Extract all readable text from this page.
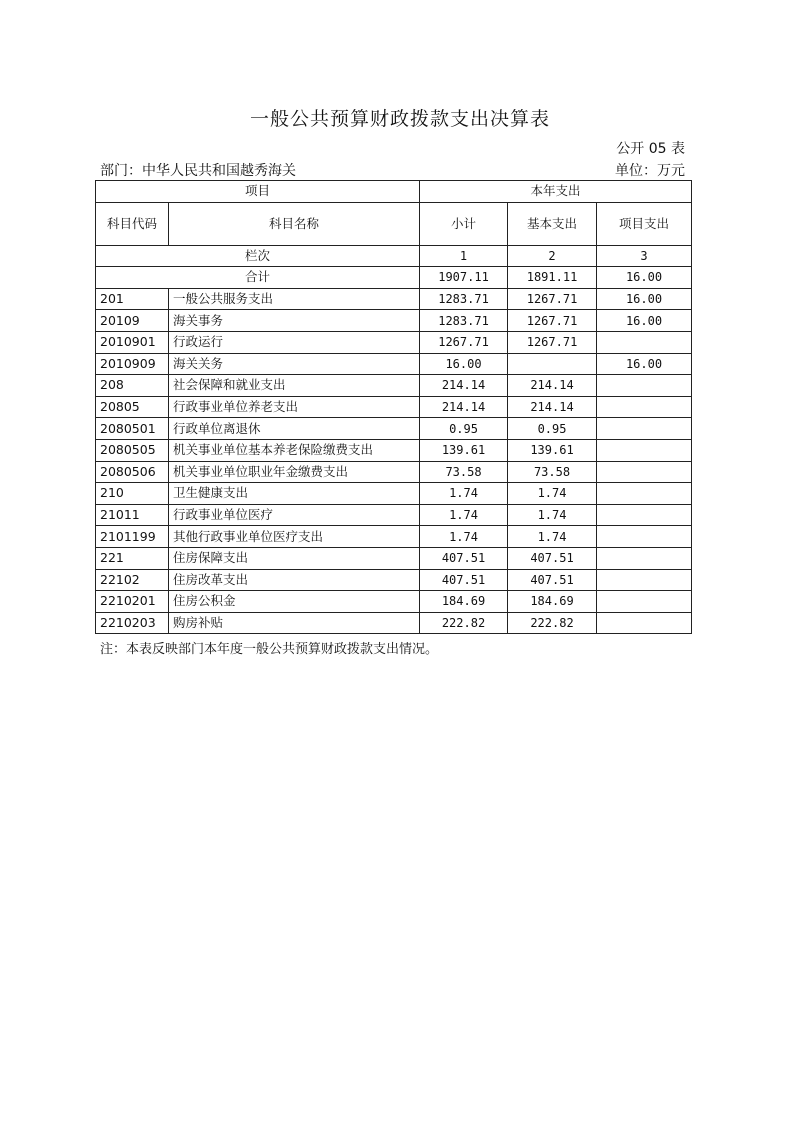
一般公共预算财政拨款支出决算表
公开 05 表
部门：中华人民共和国越秀海关	单位：万元
项目		本年支出		
科目代码	科目名称	小计	基本支出	项目支出
栏次		1	2	3
合计		1907.11	1891.11	16.00
201	一般公共服务支出	1283.71	1267.71	16.00
20109	海关事务	1283.71	1267.71	16.00
2010901	行政运行	1267.71	1267.71	
2010909	海关关务	16.00		16.00
208	社会保障和就业支出	214.14	214.14	
20805	行政事业单位养老支出	214.14	214.14	
2080501	行政单位离退休	0.95	0.95	
2080505	机关事业单位基本养老保险缴费支出	139.61	139.61	
2080506	机关事业单位职业年金缴费支出	73.58	73.58	
210	卫生健康支出	1.74	1.74	
21011	行政事业单位医疗	1.74	1.74	
2101199	其他行政事业单位医疗支出	1.74	1.74	
221	住房保障支出	407.51	407.51	
22102	住房改革支出	407.51	407.51	
2210201	住房公积金	184.69	184.69	
2210203	购房补贴	222.82	222.82	
注：本表反映部门本年度一般公共预算财政拨款支出情况。
